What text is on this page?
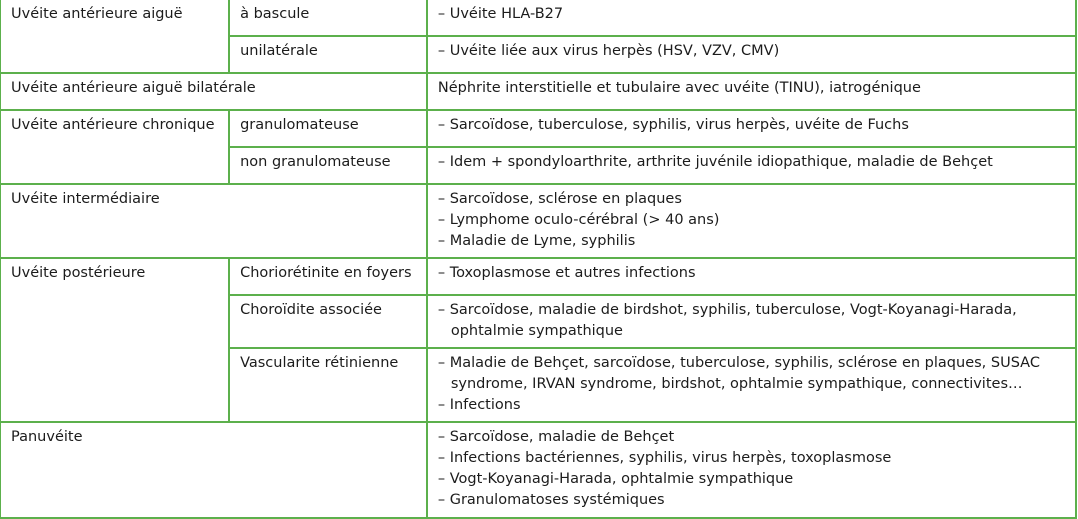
Uvéite antérieure aiguë	à bascule	– Uvéite HLA-B27

	unilatérale	– Uvéite liée aux virus herpès (HSV, VZV, CMV)

Uvéite antérieure aiguë bilatérale		Néphrite interstitielle et tubulaire avec uvéite (TINU), iatrogénique

Uvéite antérieure chronique	granulomateuse	– Sarcoïdose, tuberculose, syphilis, virus herpès, uvéite de Fuchs

	non granulomateuse	– Idem + spondyloarthrite, arthrite juvénile idiopathique, maladie de Behçet

Uvéite intermédiaire		– Sarcoïdose, sclérose en plaques
– Lymphome oculo-cérébral (> 40 ans)
– Maladie de Lyme, syphilis

Uvéite postérieure	Choriorétinite en foyers	– Toxoplasmose et autres infections

	Choroïdite associée	– Sarcoïdose, maladie de birdshot, syphilis, tuberculose, Vogt-Koyanagi-Harada,
ophtalmie sympathique

	Vascularite rétinienne	– Maladie de Behçet, sarcoïdose, tuberculose, syphilis, sclérose en plaques, SUSAC
syndrome, IRVAN syndrome, birdshot, ophtalmie sympathique, connectivites…
– Infections

Panuvéite		– Sarcoïdose, maladie de Behçet
– Infections bactériennes, syphilis, virus herpès, toxoplasmose
– Vogt-Koyanagi-Harada, ophtalmie sympathique
– Granulomatoses systémiques
